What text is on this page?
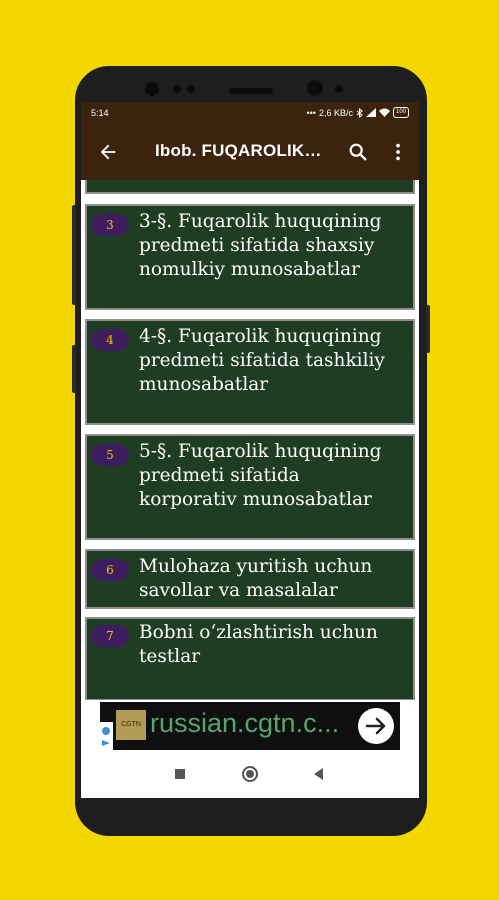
5:14	••• 2,6 KB/c	100
Ibob. FUQAROLIK…
3	3-§. Fuqarolik huquqining
predmeti sifatida shaxsiy
nomulkiy munosabatlar
4	4-§. Fuqarolik huquqining
predmeti sifatida tashkiliy
munosabatlar
5	5-§. Fuqarolik huquqining
predmeti sifatida
korporativ munosabatlar
6	Mulohaza yuritish uchun
savollar va masalalar
7	Bobni o‘zlashtirish uchun
testlar
CGTN russian.cgtn.c...
